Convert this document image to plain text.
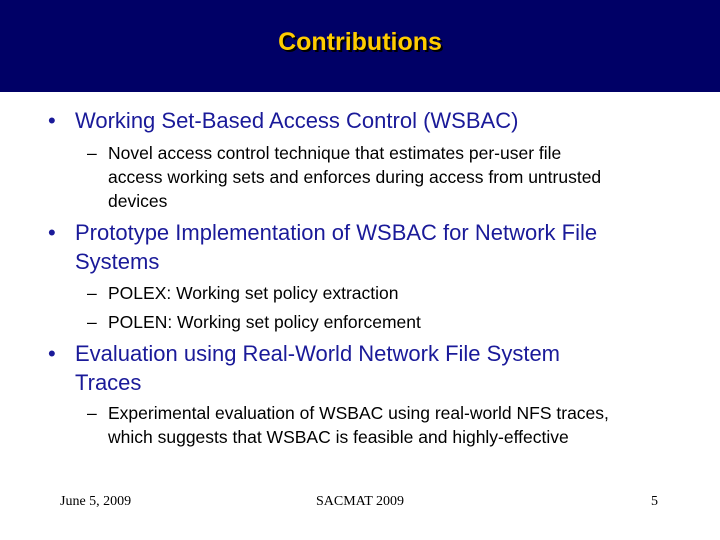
Contributions
• Working Set-Based Access Control (WSBAC)
– Novel access control technique that estimates per-user file
access working sets and enforces during access from untrusted
devices
• Prototype Implementation of WSBAC for Network File
Systems
– POLEX: Working set policy extraction
– POLEN: Working set policy enforcement
• Evaluation using Real-World Network File System
Traces
– Experimental evaluation of WSBAC using real-world NFS traces,
which suggests that WSBAC is feasible and highly-effective
June 5, 2009	SACMAT 2009	5
